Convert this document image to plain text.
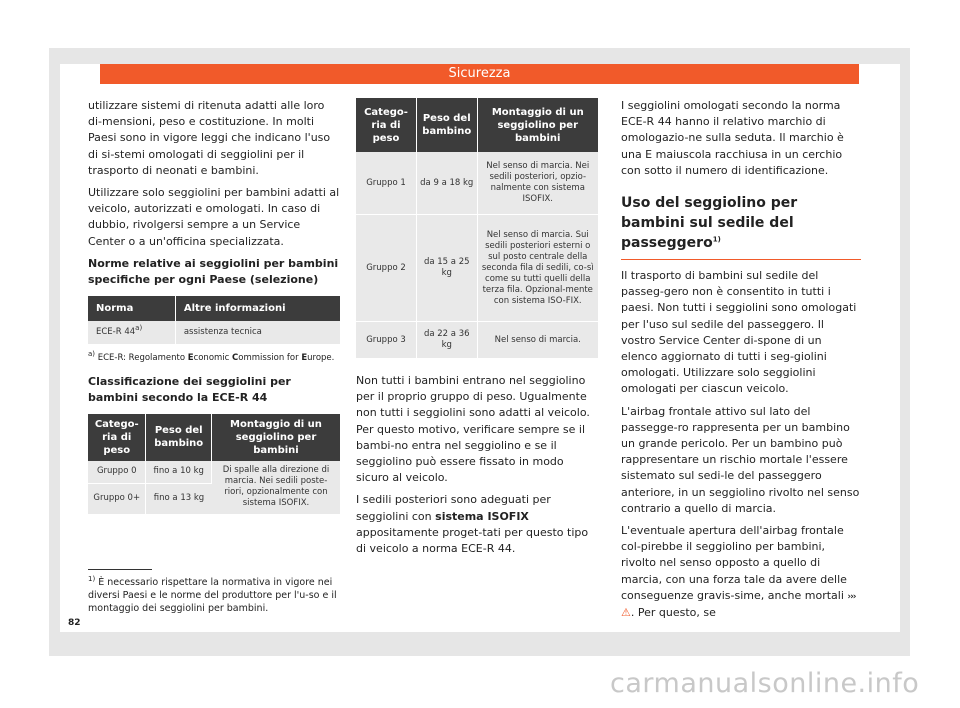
Sicurezza

utilizzare sistemi di ritenuta adatti alle loro di-mensioni, peso e costituzione. In molti Paesi sono in vigore leggi che indicano l'uso di si-stemi omologati di seggiolini per il trasporto di neonati e bambini.

Utilizzare solo seggiolini per bambini adatti al veicolo, autorizzati e omologati. In caso di dubbio, rivolgersi sempre a un Service Center o a un'officina specializzata.

Norme relative ai seggiolini per bambini specifiche per ogni Paese (selezione)
Norma	Altre informazioni
ECE-R 44$^{a)}$	assistenza tecnica
$^{a)}$ ECE-R: Regolamento Economic Commission for Europe.
Classificazione dei seggiolini per bambini secondo la ECE-R 44
Catego-ria di peso	Peso del bambino	Montaggio di un seggiolino per bambini
Gruppo 0	fino a 10 kg	Di spalle alla direzione di marcia. Nei sedili poste-riori, opzionalmente con sistema ISOFIX.
Gruppo 0+	fino a 13 kg	
Catego-ria di peso	Peso del bambino	Montaggio di un seggiolino per bambini
Gruppo 1	da 9 a 18 kg	Nel senso di marcia. Nei sedili posteriori, opzio-nalmente con sistema ISOFIX.
Gruppo 2	da 15 a 25 kg	Nel senso di marcia. Sui sedili posteriori esterni o sul posto centrale della seconda fila di sedili, co-sì come su tutti quelli della terza fila. Opzional-mente con sistema ISO-FIX.
Gruppo 3	da 22 a 36 kg	Nel senso di marcia.

Non tutti i bambini entrano nel seggiolino per il proprio gruppo di peso. Ugualmente non tutti i seggiolini sono adatti al veicolo. Per questo motivo, verificare sempre se il bambi-no entra nel seggiolino e se il seggiolino può essere fissato in modo sicuro al veicolo.

I sedili posteriori sono adeguati per seggiolini con sistema ISOFIX appositamente proget-tati per questo tipo di veicolo a norma ECE-R 44.

I seggiolini omologati secondo la norma ECE-R 44 hanno il relativo marchio di omologazio-ne sulla seduta. Il marchio è una E maiuscola racchiusa in un cerchio con sotto il numero di identificazione.

Uso del seggiolino per bambini sul sedile del passeggero$^{1)}$

Il trasporto di bambini sul sedile del passeg-gero non è consentito in tutti i paesi. Non tutti i seggiolini sono omologati per l'uso sul sedile del passeggero. Il vostro Service Center di-spone di un elenco aggiornato di tutti i seg-giolini omologati. Utilizzare solo seggiolini omologati per ciascun veicolo.

L'airbag frontale attivo sul lato del passegge-ro rappresenta per un bambino un grande pericolo. Per un bambino può rappresentare un rischio mortale l'essere sistemato sul sedi-le del passeggero anteriore, in un seggiolino rivolto nel senso contrario a quello di marcia.

L'eventuale apertura dell'airbag frontale col-pirebbe il seggiolino per bambini, rivolto nel senso opposto a quello di marcia, con una forza tale da avere delle conseguenze gravis-sime, anche mortali ››› ⚠. Per questo, se

$^{1)}$ È necessario rispettare la normativa in vigore nei diversi Paesi e le norme del produttore per l'u-so e il montaggio dei seggiolini per bambini.
82
carmanualsonline.info
